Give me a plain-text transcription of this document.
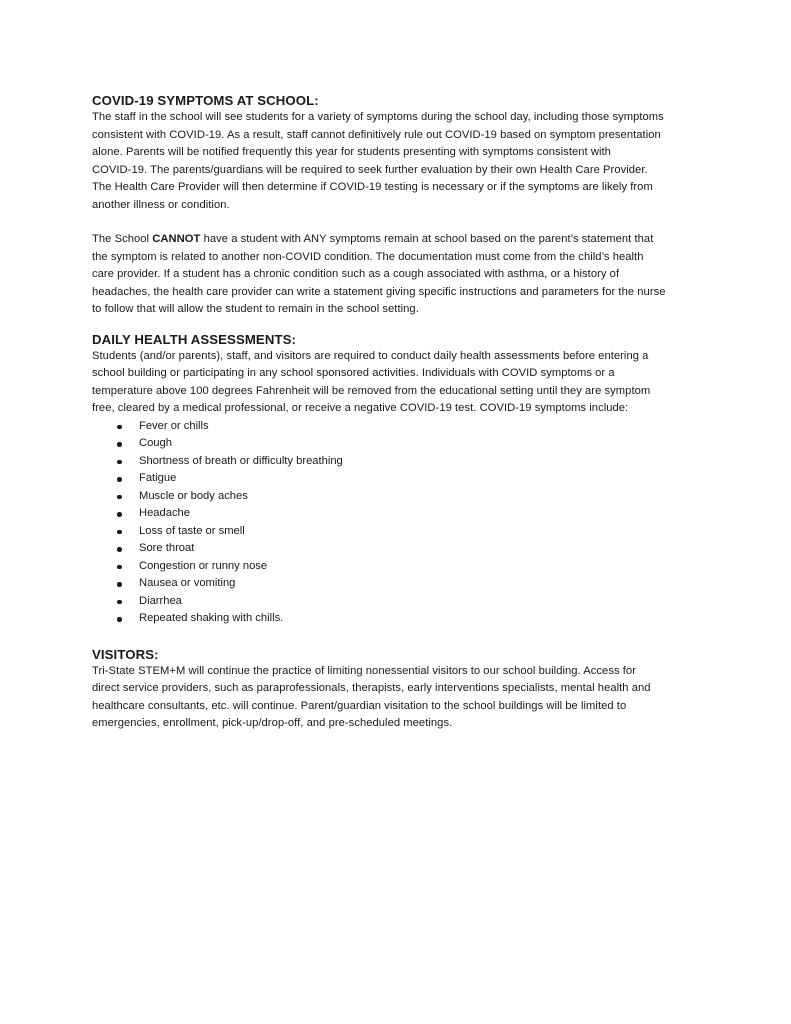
COVID-19 SYMPTOMS AT SCHOOL:
The staff in the school will see students for a variety of symptoms during the school day, including those symptoms
consistent with COVID-19. As a result, staff cannot definitively rule out COVID-19 based on symptom presentation
alone. Parents will be notified frequently this year for students presenting with symptoms consistent with
COVID-19. The parents/guardians will be required to seek further evaluation by their own Health Care Provider.
The Health Care Provider will then determine if COVID-19 testing is necessary or if the symptoms are likely from
another illness or condition.
The School CANNOT have a student with ANY symptoms remain at school based on the parent’s statement that
the symptom is related to another non-COVID condition. The documentation must come from the child’s health
care provider. If a student has a chronic condition such as a cough associated with asthma, or a history of
headaches, the health care provider can write a statement giving specific instructions and parameters for the nurse
to follow that will allow the student to remain in the school setting.
DAILY HEALTH ASSESSMENTS:
Students (and/or parents), staff, and visitors are required to conduct daily health assessments before entering a
school building or participating in any school sponsored activities. Individuals with COVID symptoms or a
temperature above 100 degrees Fahrenheit will be removed from the educational setting until they are symptom
free, cleared by a medical professional, or receive a negative COVID-19 test. COVID-19 symptoms include:
Fever or chills
Cough
Shortness of breath or difficulty breathing
Fatigue
Muscle or body aches
Headache
Loss of taste or smell
Sore throat
Congestion or runny nose
Nausea or vomiting
Diarrhea
Repeated shaking with chills.
VISITORS:
Tri-State STEM+M will continue the practice of limiting nonessential visitors to our school building. Access for
direct service providers, such as paraprofessionals, therapists, early interventions specialists, mental health and
healthcare consultants, etc. will continue. Parent/guardian visitation to the school buildings will be limited to
emergencies, enrollment, pick-up/drop-off, and pre-scheduled meetings.
